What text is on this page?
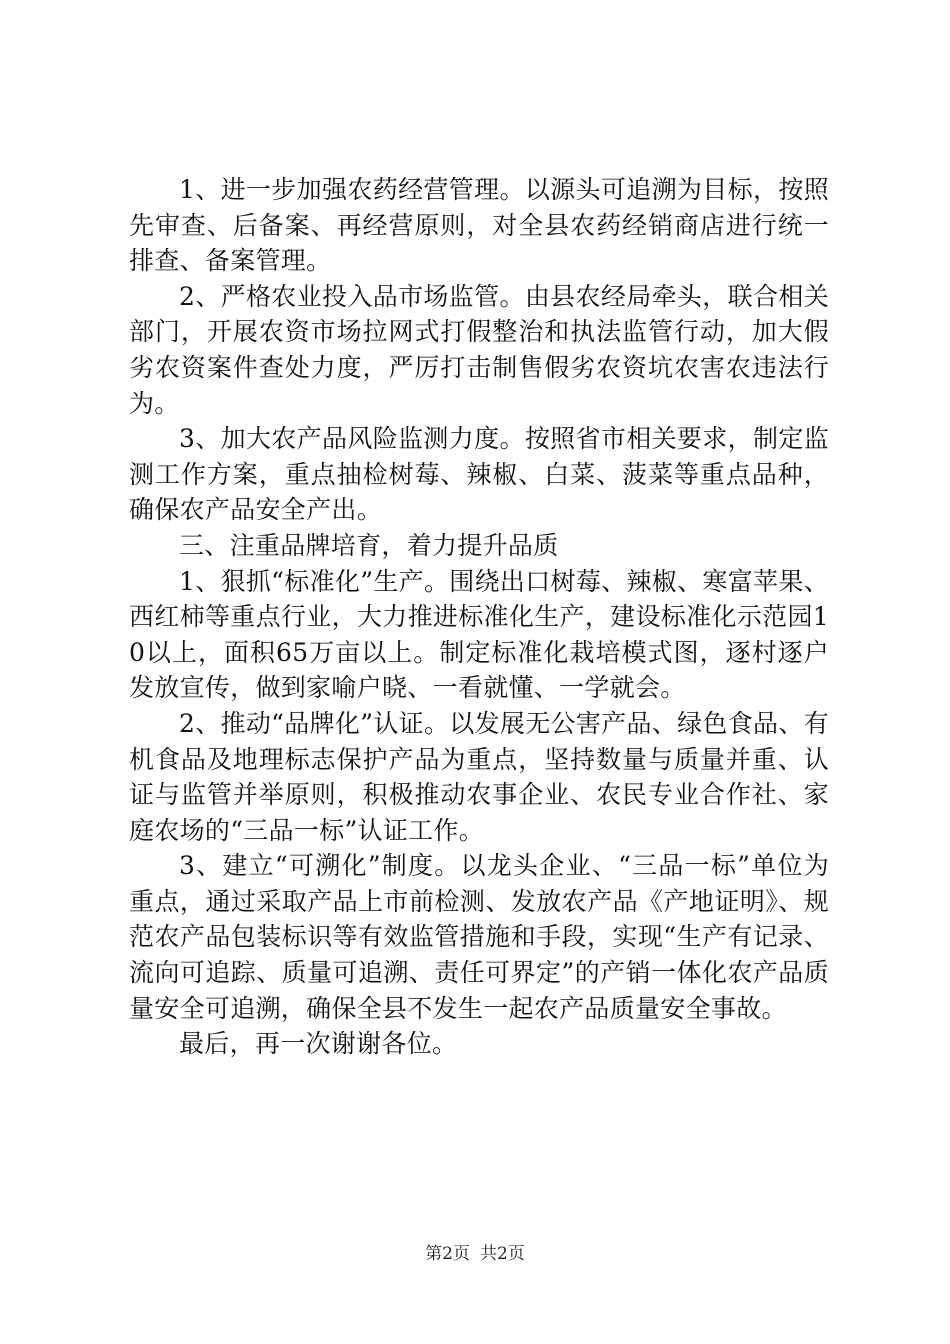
1、进一步加强农药经营管理。以源头可追溯为目标，按照先审查、后备案、再经营原则，对全县农药经销商店进行统一排查、备案管理。

2、严格农业投入品市场监管。由县农经局牵头，联合相关部门，开展农资市场拉网式打假整治和执法监管行动，加大假劣农资案件查处力度，严厉打击制售假劣农资坑农害农违法行为。

3、加大农产品风险监测力度。按照省市相关要求，制定监测工作方案，重点抽检树莓、辣椒、白菜、菠菜等重点品种，确保农产品安全产出。

三、注重品牌培育，着力提升品质

1、狠抓“标准化”生产。围绕出口树莓、辣椒、寒富苹果、西红柿等重点行业，大力推进标准化生产，建设标准化示范园10以上，面积65万亩以上。制定标准化栽培模式图，逐村逐户发放宣传，做到家喻户晓、一看就懂、一学就会。

2、推动“品牌化”认证。以发展无公害产品、绿色食品、有机食品及地理标志保护产品为重点，坚持数量与质量并重、认证与监管并举原则，积极推动农事企业、农民专业合作社、家庭农场的“三品一标”认证工作。

3、建立“可溯化”制度。以龙头企业、“三品一标”单位为重点，通过采取产品上市前检测、发放农产品《产地证明》、规范农产品包装标识等有效监管措施和手段，实现“生产有记录、流向可追踪、质量可追溯、责任可界定”的产销一体化农产品质量安全可追溯，确保全县不发生一起农产品质量安全事故。

最后，再一次谢谢各位。

第2页 共2页
